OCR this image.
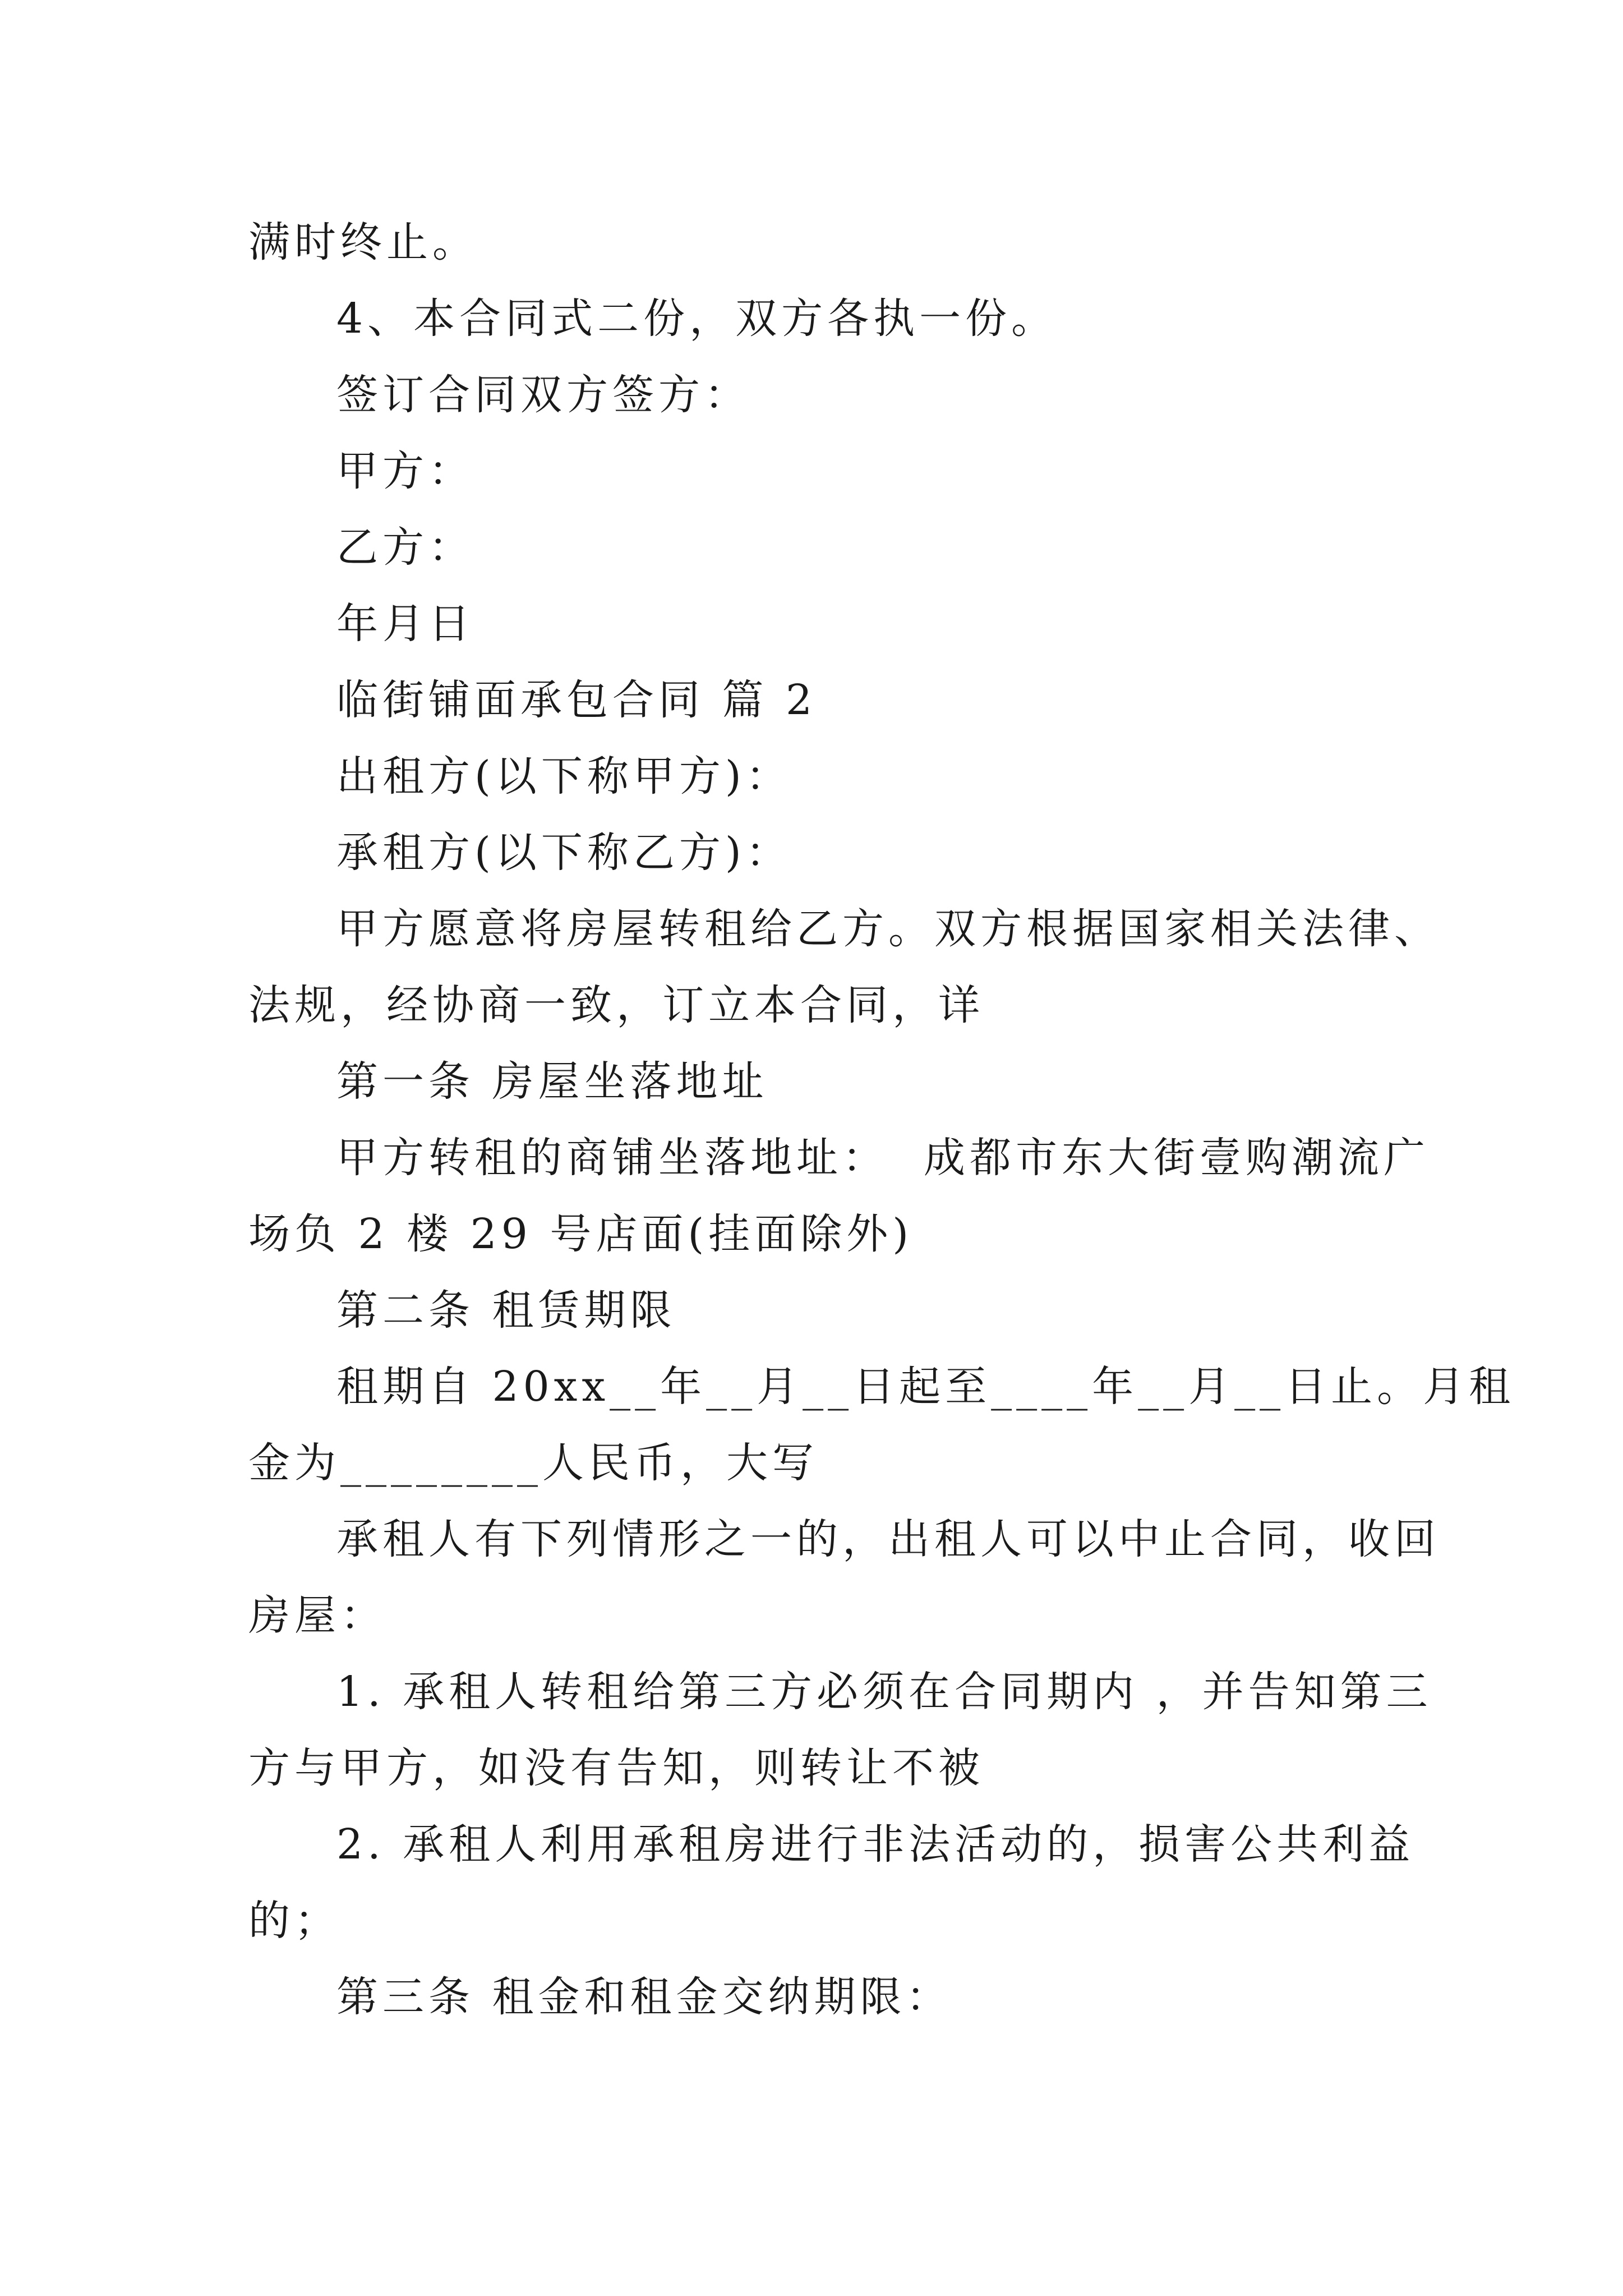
满时终止。
4、本合同式二份，双方各执一份。
签订合同双方签方：
甲方：
乙方：
年月日
临街铺面承包合同 篇 2
出租方(以下称甲方)：
承租方(以下称乙方)：
甲方愿意将房屋转租给乙方。双方根据国家相关法律、
法规，经协商一致，订立本合同，详
第一条 房屋坐落地址
甲方转租的商铺坐落地址：  成都市东大街壹购潮流广
场负 2 楼 29 号店面(挂面除外)
第二条 租赁期限
租期自 20xx__年__月__日起至____年__月__日止。月租
金为________人民币，大写
承租人有下列情形之一的，出租人可以中止合同，收回
房屋：
1. 承租人转租给第三方必须在合同期内 ，并告知第三
方与甲方，如没有告知，则转让不被
2. 承租人利用承租房进行非法活动的，损害公共利益
的；
第三条 租金和租金交纳期限：
